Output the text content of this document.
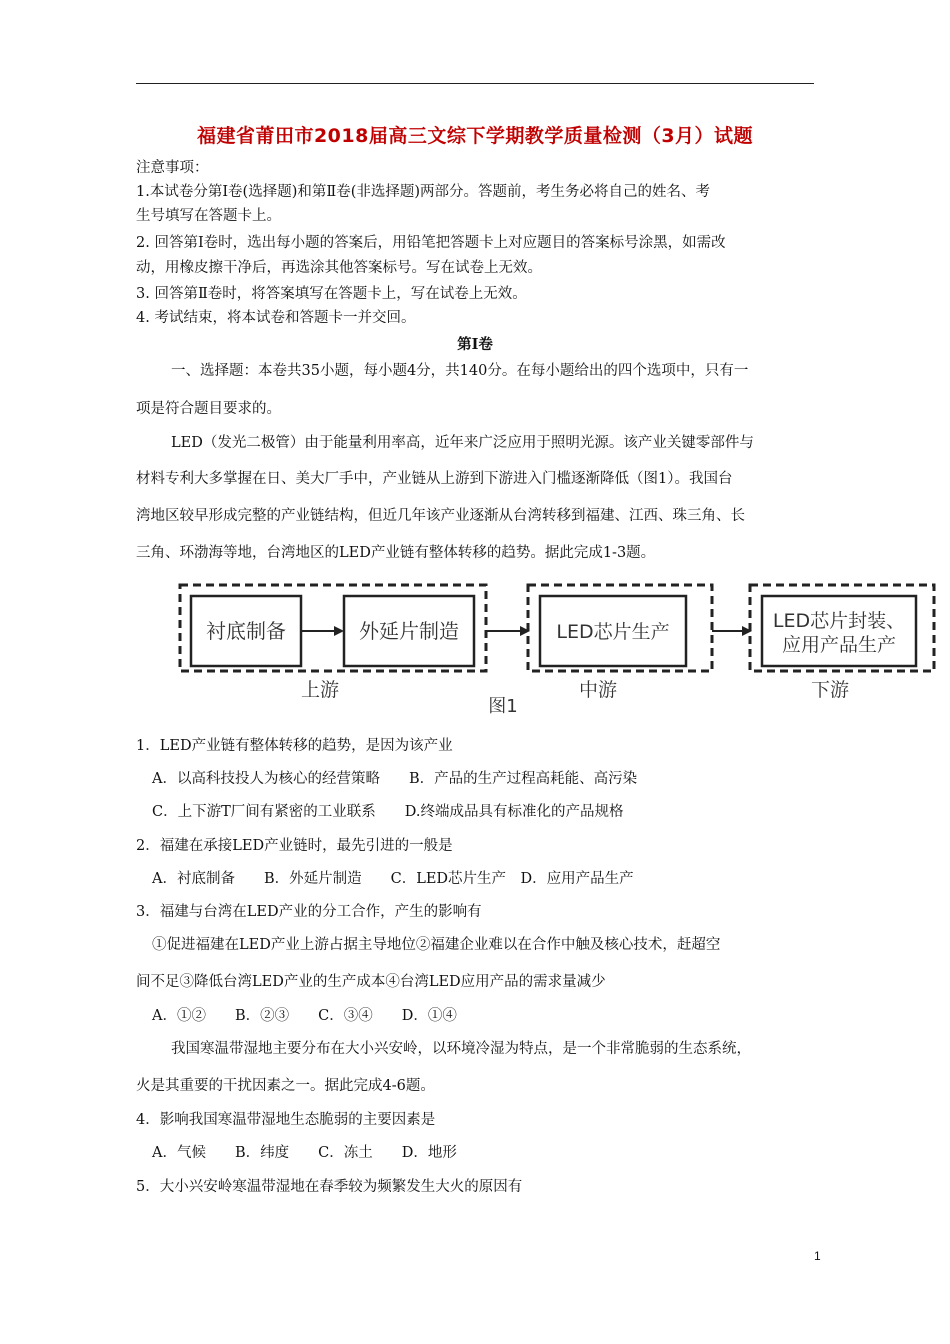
福建省莆田市2018届高三文综下学期教学质量检测（3月）试题
注意事项：
1.本试卷分第Ⅰ卷(选择题)和第Ⅱ卷(非选择题)两部分。答题前，考生务必将自己的姓名、考
生号填写在答题卡上。
2. 回答第Ⅰ卷时，选出每小题的答案后，用铅笔把答题卡上对应题目的答案标号涂黑，如需改
动，用橡皮擦干净后，再选涂其他答案标号。写在试卷上无效。
3. 回答第Ⅱ卷时，将答案填写在答题卡上，写在试卷上无效。
4. 考试结束，将本试卷和答题卡一并交回。
第Ⅰ卷
一、选择题：本卷共35小题，每小题4分，共140分。在每小题给出的四个选项中，只有一
项是符合题目要求的。
LED（发光二极管）由于能量利用率高，近年来广泛应用于照明光源。该产业关键零部件与
材料专利大多掌握在日、美大厂手中，产业链从上游到下游进入门槛逐渐降低（图1）。我国台
湾地区较早形成完整的产业链结构，但近几年该产业逐渐从台湾转移到福建、江西、珠三角、长
三角、环渤海等地，台湾地区的LED产业链有整体转移的趋势。据此完成1-3题。
衬底制备	外延片制造	LED芯片生产	LED芯片封装、
应用产品生产
上游	中游	下游
图1
1．LED产业链有整体转移的趋势，是因为该产业
A．以高科技投人为核心的经营策略　　B．产品的生产过程高耗能、高污染
C．上下游T厂间有紧密的工业联系　　D.终端成品具有标准化的产品规格
2．福建在承接LED产业链时，最先引进的一般是
A．衬底制备　　B．外延片制造　　C．LED芯片生产　D．应用产品生产
3．福建与台湾在LED产业的分工合作，产生的影响有
①促进福建在LED产业上游占据主导地位②福建企业难以在合作中触及核心技术，赶超空
间不足③降低台湾LED产业的生产成本④台湾LED应用产品的需求量减少
A．①②　　B．②③　　C．③④　　D．①④
我国寒温带湿地主要分布在大小兴安岭，以环境冷湿为特点，是一个非常脆弱的生态系统，
火是其重要的干扰因素之一。据此完成4-6题。
4．影响我国寒温带湿地生态脆弱的主要因素是
A．气候　　B．纬度　　C．冻土　　D．地形
5．大小兴安岭寒温带湿地在春季较为频繁发生大火的原因有
1
